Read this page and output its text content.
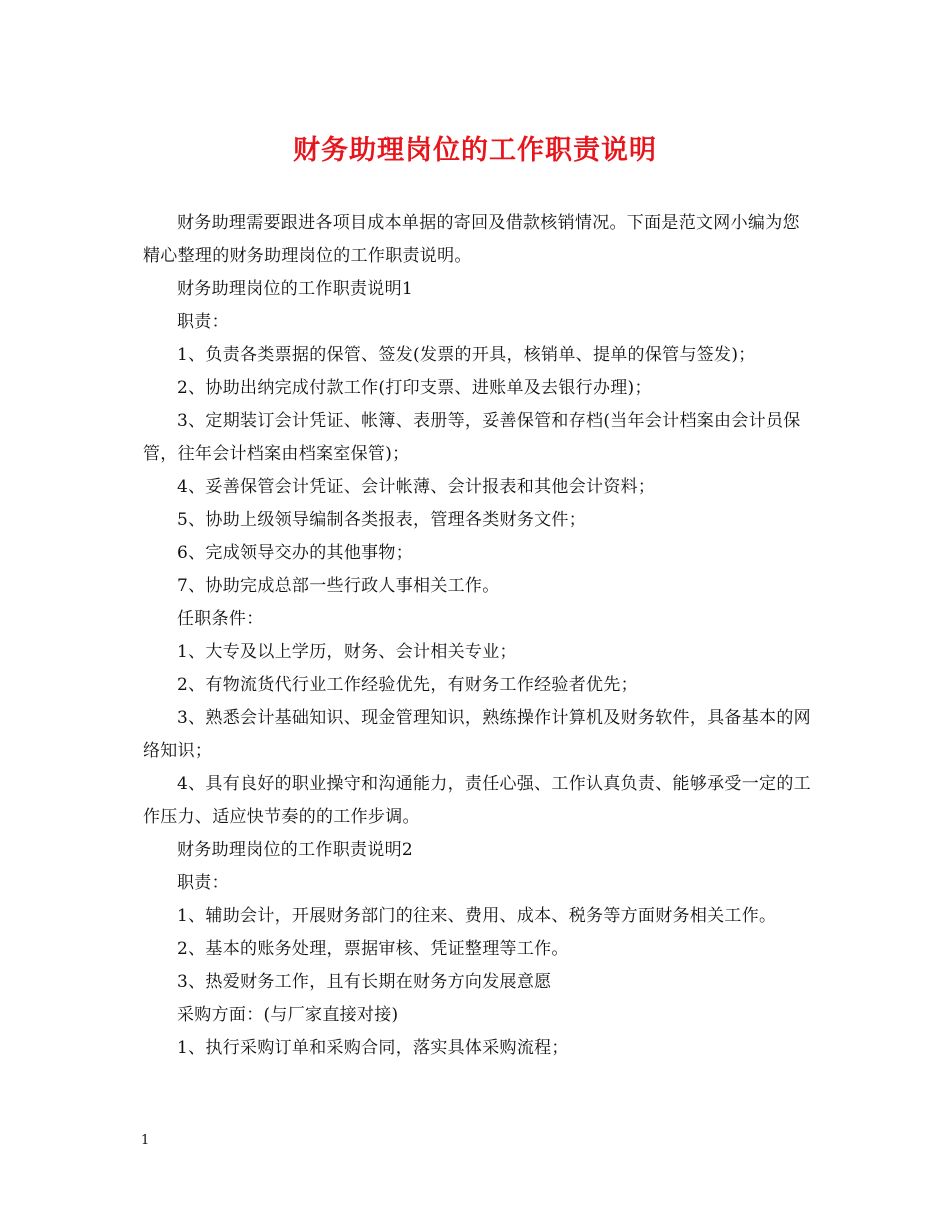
财务助理岗位的工作职责说明

财务助理需要跟进各项目成本单据的寄回及借款核销情况。下面是范文网小编为您精心整理的财务助理岗位的工作职责说明。

财务助理岗位的工作职责说明1

职责：

1、负责各类票据的保管、签发(发票的开具，核销单、提单的保管与签发)；

2、协助出纳完成付款工作(打印支票、进账单及去银行办理)；

3、定期装订会计凭证、帐簿、表册等，妥善保管和存档(当年会计档案由会计员保管，往年会计档案由档案室保管)；

4、妥善保管会计凭证、会计帐薄、会计报表和其他会计资料；

5、协助上级领导编制各类报表，管理各类财务文件；

6、完成领导交办的其他事物；

7、协助完成总部一些行政人事相关工作。

任职条件：

1、大专及以上学历，财务、会计相关专业；

2、有物流货代行业工作经验优先，有财务工作经验者优先；

3、熟悉会计基础知识、现金管理知识，熟练操作计算机及财务软件，具备基本的网络知识；

4、具有良好的职业操守和沟通能力，责任心强、工作认真负责、能够承受一定的工作压力、适应快节奏的的工作步调。

财务助理岗位的工作职责说明2

职责：

1、辅助会计，开展财务部门的往来、费用、成本、税务等方面财务相关工作。

2、基本的账务处理，票据审核、凭证整理等工作。

3、热爱财务工作，且有长期在财务方向发展意愿

采购方面：(与厂家直接对接)

1、执行采购订单和采购合同，落实具体采购流程；

1
